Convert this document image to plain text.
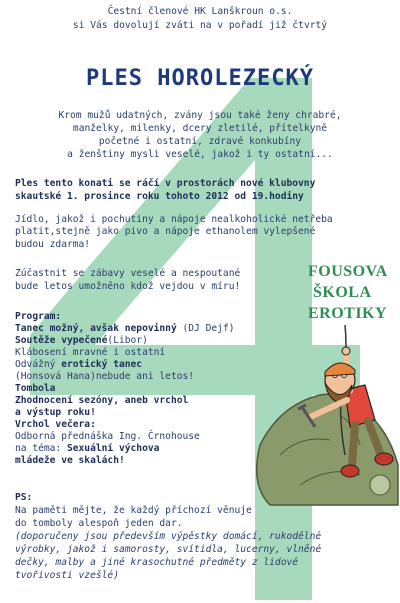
Čestní členové HK Lanškroun o.s.
si Vás dovolují zváti na v pořadí již čtvrtý
PLES HOROLEZECKÝ
Krom mužů udatných, zvány jsou také ženy chrabré,
manželky, milenky, dcery zletilé, přítelkyně
početné i ostatní, zdravé konkubíny
a ženštiny mysli veselé, jakož i ty ostatní...
Ples tento konati se ráčí v prostorách nové klubovny
skautské 1. prosince roku tohoto 2012 od 19.hodiny
Jídlo, jakož i pochutiny a nápoje nealkoholické netřeba
platit,stejně jako pivo a nápoje ethanolem vylepšené
budou zdarma!
Zúčastnit se zábavy veselé a nespoutané
bude letos umožněno kdož vejdou v míru!
FOUSOVA
ŠKOLA
EROTIKY
Program:
Tanec možný, avšak nepovinný (DJ Dejf)
Soutěže vypečené(Libor)
Klábosení mravné i ostatní
Odvážný erotický tanec
(Honsová Hana)nebude ani letos!
Tombola
Zhodnocení sezóny, aneb vrchol
a výstup roku!
Vrchol večera:
Odborná přednáška Ing. Črnohouse
na téma: Sexuální výchova
mládeže ve skalách!
PS:
Na paměti mějte, že každý příchozí věnuje
do tomboly alespoň jeden dar.
(doporučeny jsou především výpěstky domácí, rukodělné
výrobky, jakož i samorosty, svítidla, lucerny, vlněné
dečky, malby a jiné krasochutné předměty z lidové
tvořivosti vzešlé)
